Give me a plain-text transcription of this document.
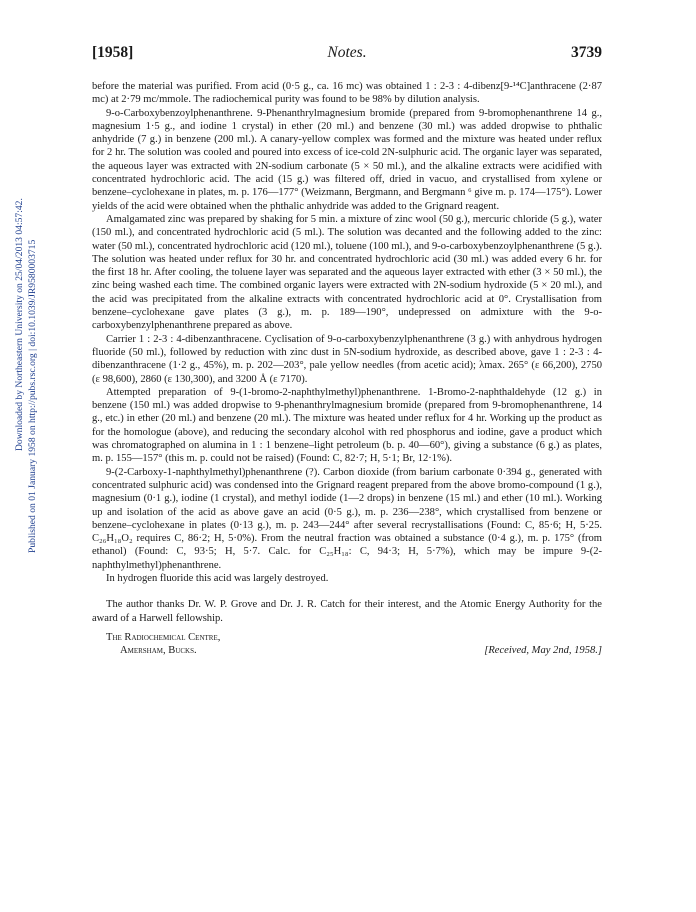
Downloaded by Northeastern University on 25/04/2013 04:57:42. Published on 01 January 1958 on http://pubs.rsc.org | doi:10.1039/JR9580003715
[1958]	Notes.	3739

before the material was purified. From acid (0·5 g., ca. 16 mc) was obtained 1 : 2-3 : 4-dibenz[9-¹⁴C]anthracene (2·87 mc) at 2·79 mc/mmole. The radiochemical purity was found to be 98% by dilution analysis.

9-o-Carboxybenzoylphenanthrene. 9-Phenanthrylmagnesium bromide (prepared from 9-bromophenanthrene 14 g., magnesium 1·5 g., and iodine 1 crystal) in ether (20 ml.) and benzene (30 ml.) was added dropwise to phthalic anhydride (7 g.) in benzene (200 ml.). A canary-yellow complex was formed and the mixture was heated under reflux for 2 hr. The solution was cooled and poured into excess of ice-cold 2N-sulphuric acid. The organic layer was separated, the aqueous layer was extracted with 2N-sodium carbonate (5 × 50 ml.), and the alkaline extracts were acidified with concentrated hydrochloric acid. The acid (15 g.) was filtered off, dried in vacuo, and crystallised from xylene or benzene–cyclohexane in plates, m. p. 176—177° (Weizmann, Bergmann, and Bergmann ⁶ give m. p. 174—175°). Lower yields of the acid were obtained when the phthalic anhydride was added to the Grignard reagent.

Amalgamated zinc was prepared by shaking for 5 min. a mixture of zinc wool (50 g.), mercuric chloride (5 g.), water (150 ml.), and concentrated hydrochloric acid (5 ml.). The solution was decanted and the following added to the zinc: water (50 ml.), concentrated hydrochloric acid (120 ml.), toluene (100 ml.), and 9-o-carboxybenzoylphenanthrene (5 g.). The solution was heated under reflux for 30 hr. and concentrated hydrochloric acid (30 ml.) was added every 6 hr. for the first 18 hr. After cooling, the toluene layer was separated and the aqueous layer extracted with ether (3 × 50 ml.), the zinc being washed each time. The combined organic layers were extracted with 2N-sodium hydroxide (5 × 20 ml.), and the acid was precipitated from the alkaline extracts with concentrated hydrochloric acid at 0°. Crystallisation from benzene–cyclohexane gave plates (3 g.), m. p. 189—190°, undepressed on admixture with the 9-o-carboxybenzylphenanthrene prepared as above.

Carrier 1 : 2-3 : 4-dibenzanthracene. Cyclisation of 9-o-carboxybenzylphenanthrene (3 g.) with anhydrous hydrogen fluoride (50 ml.), followed by reduction with zinc dust in 5N-sodium hydroxide, as described above, gave 1 : 2-3 : 4-dibenzanthracene (1·2 g., 45%), m. p. 202—203°, pale yellow needles (from acetic acid); λmax. 265° (ε 66,200), 2750 (ε 98,600), 2860 (ε 130,300), and 3200 Å (ε 7170).

Attempted preparation of 9-(1-bromo-2-naphthylmethyl)phenanthrene. 1-Bromo-2-naphthaldehyde (12 g.) in benzene (150 ml.) was added dropwise to 9-phenanthrylmagnesium bromide (prepared from 9-bromophenanthrene, 14 g., etc.) in ether (20 ml.) and benzene (20 ml.). The mixture was heated under reflux for 4 hr. Working up the product as for the homologue (above), and reducing the secondary alcohol with red phosphorus and iodine, gave a product which was chromatographed on alumina in 1 : 1 benzene–light petroleum (b. p. 40—60°), giving a substance (6 g.) as plates, m. p. 155—157° (this m. p. could not be raised) (Found: C, 82·7; H, 5·1; Br, 12·1%).

9-(2-Carboxy-1-naphthylmethyl)phenanthrene (?). Carbon dioxide (from barium carbonate 0·394 g., generated with concentrated sulphuric acid) was condensed into the Grignard reagent prepared from the above bromo-compound (1 g.), magnesium (0·1 g.), iodine (1 crystal), and methyl iodide (1—2 drops) in benzene (15 ml.) and ether (10 ml.). Working up and isolation of the acid as above gave an acid (0·5 g.), m. p. 236—238°, which crystallised from benzene or benzene–cyclohexane in plates (0·13 g.), m. p. 243—244° after several recrystallisations (Found: C, 85·6; H, 5·25. C₂₆H₁₈O₂ requires C, 86·2; H, 5·0%). From the neutral fraction was obtained a substance (0·4 g.), m. p. 175° (from ethanol) (Found: C, 93·5; H, 5·7. Calc. for C₂₅H₁₈: C, 94·3; H, 5·7%), which may be impure 9-(2-naphthylmethyl)phenanthrene.

In hydrogen fluoride this acid was largely destroyed.

The author thanks Dr. W. P. Grove and Dr. J. R. Catch for their interest, and the Atomic Energy Authority for the award of a Harwell fellowship.

The Radiochemical Centre,
Amersham, Bucks.	[Received, May 2nd, 1958.]
